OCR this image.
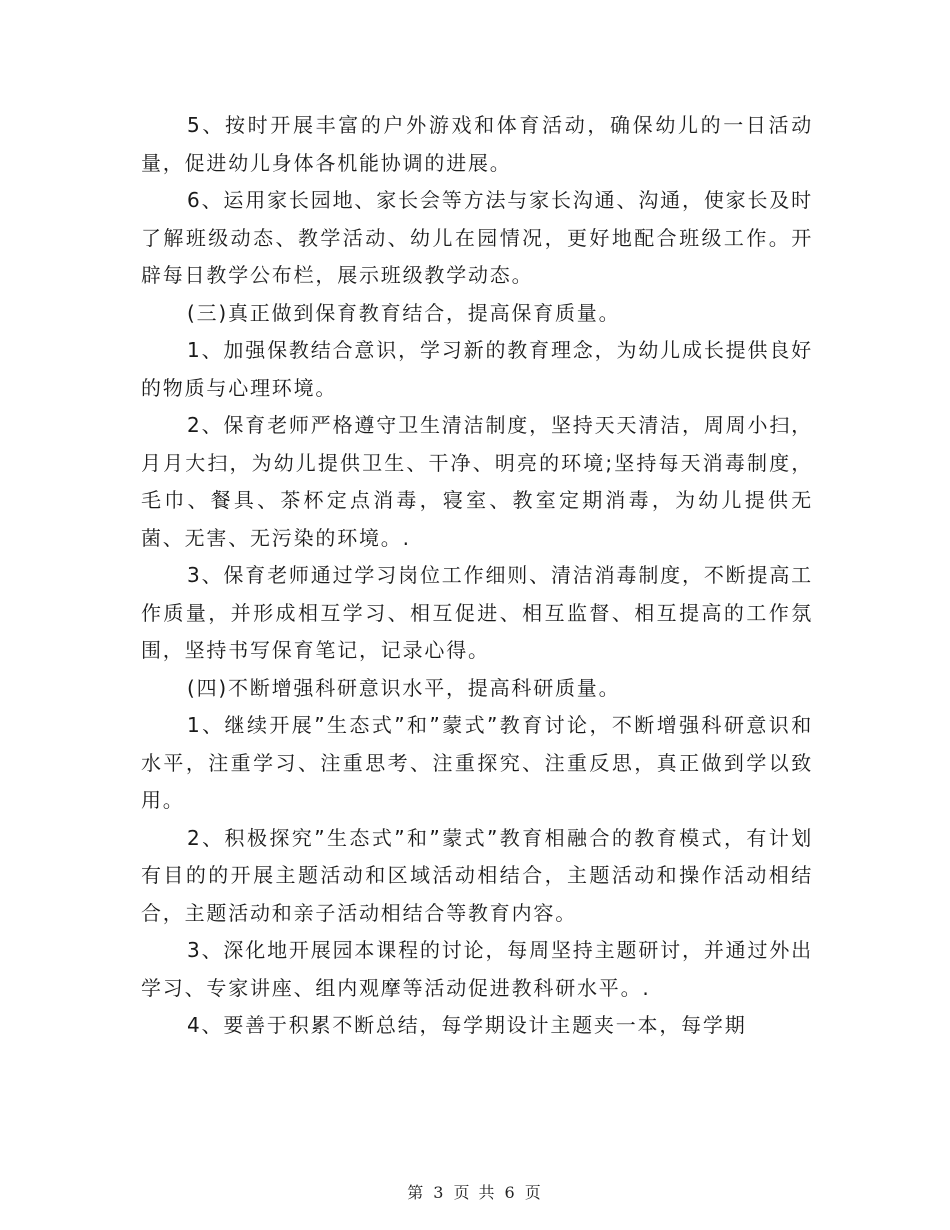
5、按时开展丰富的户外游戏和体育活动，确保幼儿的一日活动量，促进幼儿身体各机能协调的进展。

6、运用家长园地、家长会等方法与家长沟通、沟通，使家长及时了解班级动态、教学活动、幼儿在园情况，更好地配合班级工作。开辟每日教学公布栏，展示班级教学动态。

(三)真正做到保育教育结合，提高保育质量。

1、加强保教结合意识，学习新的教育理念，为幼儿成长提供良好的物质与心理环境。

2、保育老师严格遵守卫生清洁制度，坚持天天清洁，周周小扫，月月大扫，为幼儿提供卫生、干净、明亮的环境;坚持每天消毒制度，毛巾、餐具、茶杯定点消毒，寝室、教室定期消毒，为幼儿提供无菌、无害、无污染的环境。.

3、保育老师通过学习岗位工作细则、清洁消毒制度，不断提高工作质量，并形成相互学习、相互促进、相互监督、相互提高的工作氛围，坚持书写保育笔记，记录心得。

(四)不断增强科研意识水平，提高科研质量。

1、继续开展”生态式”和”蒙式”教育讨论，不断增强科研意识和水平，注重学习、注重思考、注重探究、注重反思，真正做到学以致用。

2、积极探究”生态式”和”蒙式”教育相融合的教育模式，有计划有目的的开展主题活动和区域活动相结合，主题活动和操作活动相结合，主题活动和亲子活动相结合等教育内容。

3、深化地开展园本课程的讨论，每周坚持主题研讨，并通过外出学习、专家讲座、组内观摩等活动促进教科研水平。.

4、要善于积累不断总结，每学期设计主题夹一本，每学期

第 3 页 共 6 页
